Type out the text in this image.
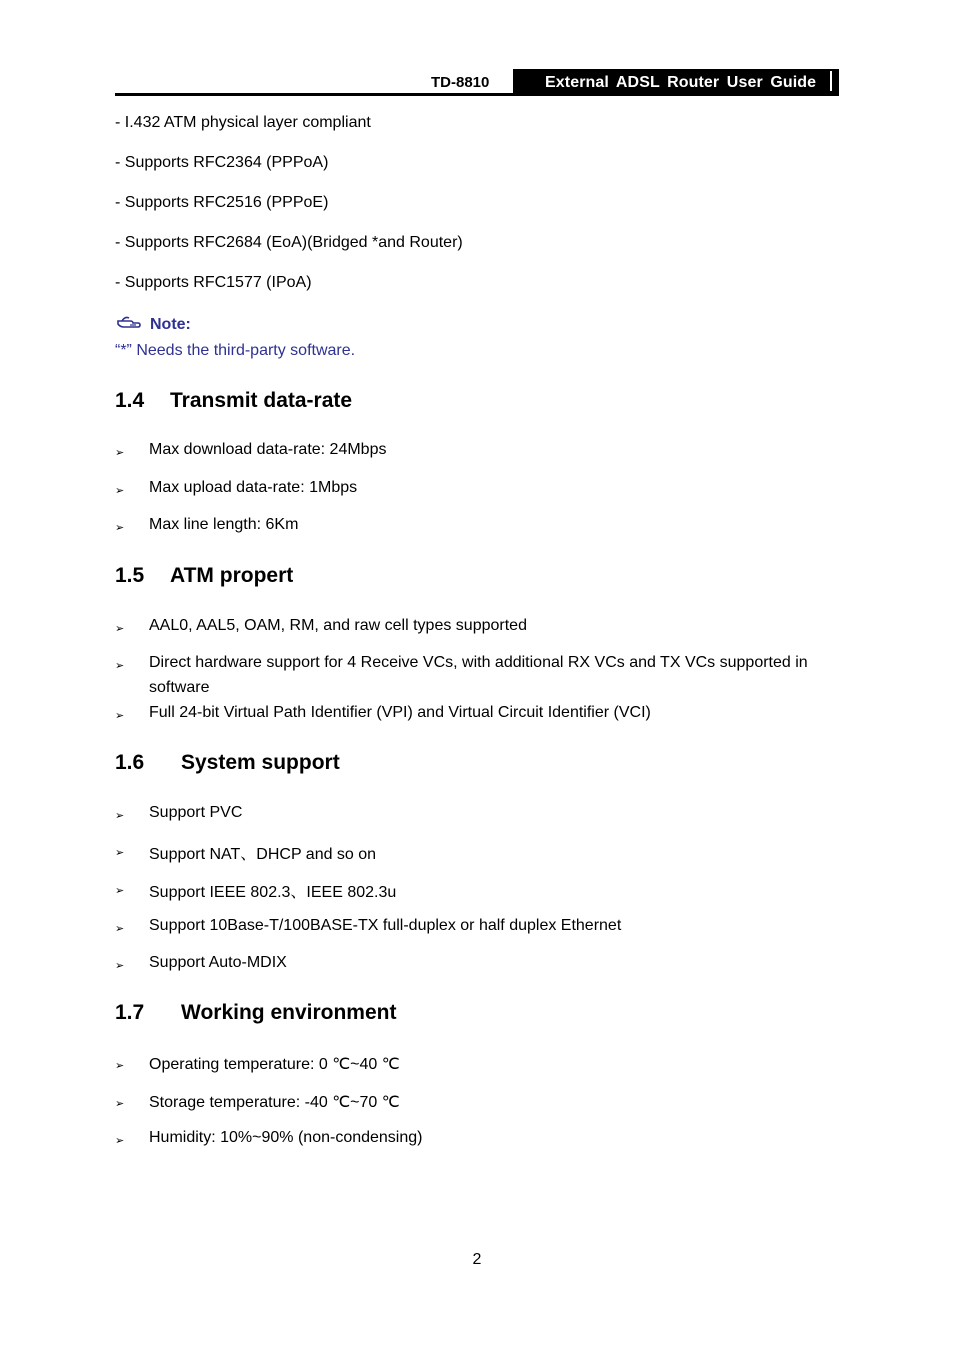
TD-8810	External ADSL Router User Guide
- I.432 ATM physical layer compliant
- Supports RFC2364 (PPPoA)
- Supports RFC2516 (PPPoE)
- Supports RFC2684 (EoA)(Bridged *and Router)
- Supports RFC1577 (IPoA)
Note:
“*” Needs the third-party software.
1.4 Transmit data-rate
➢ Max download data-rate: 24Mbps
➢ Max upload data-rate: 1Mbps
➢ Max line length: 6Km
1.5 ATM propert
➢ AAL0, AAL5, OAM, RM, and raw cell types supported
➢ Direct hardware support for 4 Receive VCs, with additional RX VCs and TX VCs supported in
software
➢ Full 24-bit Virtual Path Identifier (VPI) and Virtual Circuit Identifier (VCI)
1.6 System support
➢ Support PVC
➢ Support NAT、DHCP and so on
➢ Support IEEE 802.3、IEEE 802.3u
➢ Support 10Base-T/100BASE-TX full-duplex or half duplex Ethernet
➢ Support Auto-MDIX
1.7 Working environment
➢ Operating temperature: 0 ℃~40 ℃
➢ Storage temperature: -40 ℃~70 ℃
➢ Humidity: 10%~90% (non-condensing)
2
